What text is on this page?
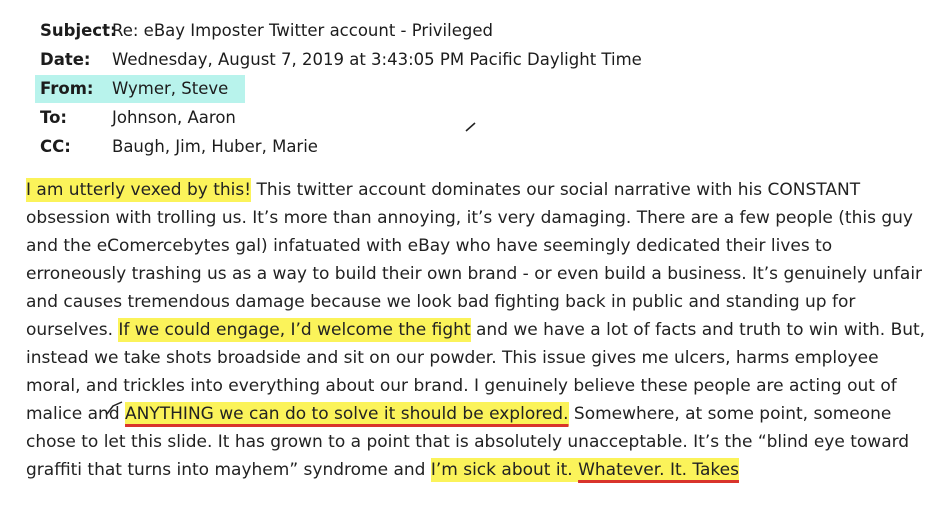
Subject:
Re: eBay Imposter Twitter account - Privileged
Date: Wednesday, August 7, 2019 at 3:43:05 PM Pacific Daylight Time
From: Wymer, Steve
To:	Johnson, Aaron
CC: Baugh, Jim, Huber, Marie
I am utterly vexed by this! This twitter account dominates our social narrative with his CONSTANT
obsession with trolling us. It’s more than annoying, it’s very damaging. There are a few people (this guy
and the eComercebytes gal) infatuated with eBay who have seemingly dedicated their lives to
erroneously trashing us as a way to build their own brand - or even build a business. It’s genuinely unfair
and causes tremendous damage because we look bad fighting back in public and standing up for
ourselves. If we could engage, I’d welcome the fight and we have a lot of facts and truth to win with. But,
instead we take shots broadside and sit on our powder. This issue gives me ulcers, harms employee
moral, and trickles into everything about our brand. I genuinely believe these people are acting out of
malice and ANYTHING we can do to solve it should be explored. Somewhere, at some point, someone
chose to let this slide. It has grown to a point that is absolutely unacceptable. It’s the “blind eye toward
graffiti that turns into mayhem” syndrome and I’m sick about it. Whatever. It. Takes
